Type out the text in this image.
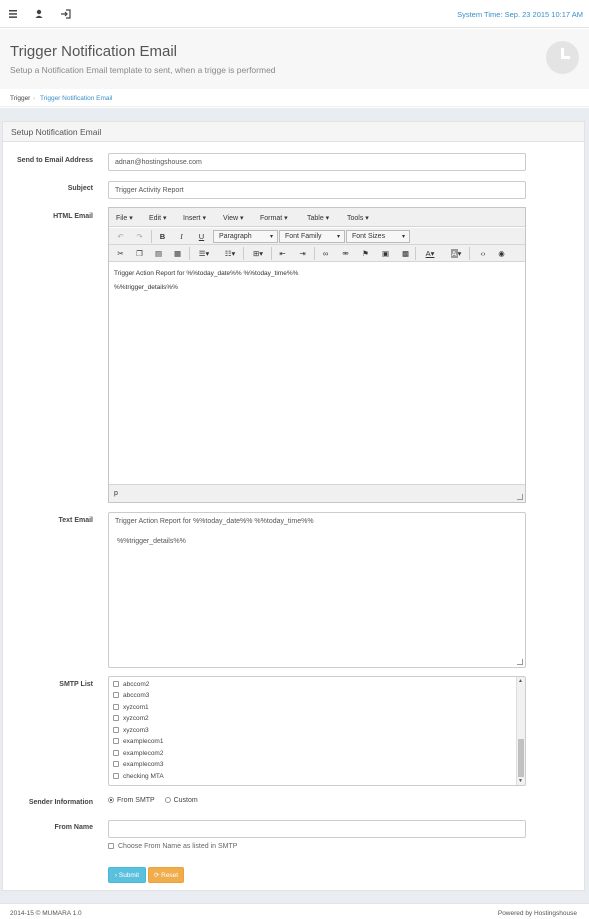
System Time: Sep. 23 2015 10:17 AM
Trigger Notification Email
Setup a Notification Email template to sent, when a trigge is performed
Trigger › Trigger Notification Email
Setup Notification Email
Send to Email Address	adnan@hostingshouse.com
Subject	Trigger Activity Report
HTML Email	File ▾ Edit ▾ Insert ▾ View ▾ Format ▾	Table ▾	Tools ▾
↶	↷	B	I	U	Paragraph	▾ Font Family	▾ Font Sizes	▾
✂	❐ ▤ ▦	☰▾	☷▾	⊞▾	⇤	⇥	∞	⚮	⚑ ▣ ▩	A▾	A▾	‹›	◉

Trigger Action Report for %%today_date%% %%today_time%%

%%trigger_details%%

p
Text Email	Trigger Action Report for %%today_date%% %%today_time%%

%%trigger_details%%

SMTP List	abccom2
abccom3
xyzcom1
xyzcom2
xyzcom3
examplecom1
examplecom2
examplecom3
checking MTA
▲
▼
Sender Information	From SMTP	Custom
From Name
Choose From Name as listed in SMTP
› Submit	⟳ Reset
2014-15 © MUMARA 1.0	Powered by Hostingshouse
